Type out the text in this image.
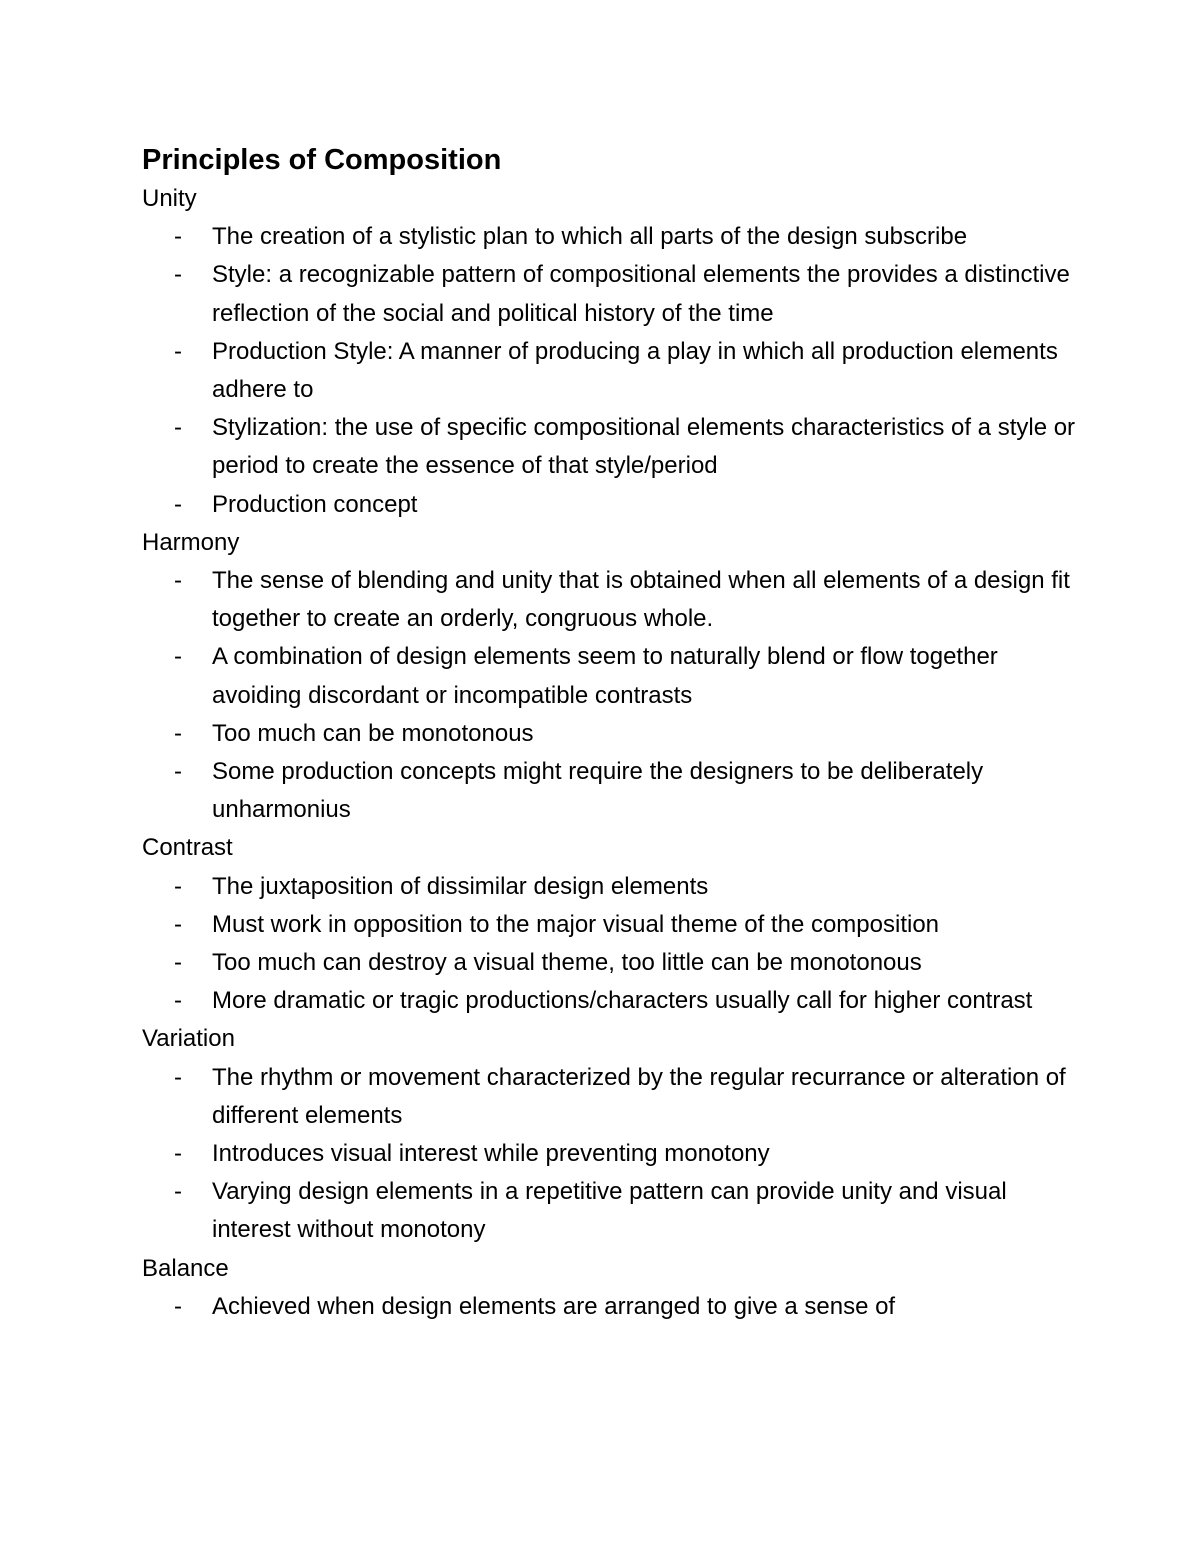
Principles of Composition

Unity

- The creation of a stylistic plan to which all parts of the design subscribe
- Style: a recognizable pattern of compositional elements the provides a distinctive reflection of the social and political history of the time
- Production Style: A manner of producing a play in which all production elements adhere to
- Stylization: the use of specific compositional elements characteristics of a style or period to create the essence of that style/period
- Production concept

Harmony

- The sense of blending and unity that is obtained when all elements of a design fit together to create an orderly, congruous whole.
- A combination of design elements seem to naturally blend or flow together avoiding discordant or incompatible contrasts
- Too much can be monotonous
- Some production concepts might require the designers to be deliberately unharmonius

Contrast

- The juxtaposition of dissimilar design elements
- Must work in opposition to the major visual theme of the composition
- Too much can destroy a visual theme, too little can be monotonous
- More dramatic or tragic productions/characters usually call for higher contrast

Variation

- The rhythm or movement characterized by the regular recurrance or alteration of different elements
- Introduces visual interest while preventing monotony
- Varying design elements in a repetitive pattern can provide unity and visual interest without monotony

Balance

- Achieved when design elements are arranged to give a sense of
